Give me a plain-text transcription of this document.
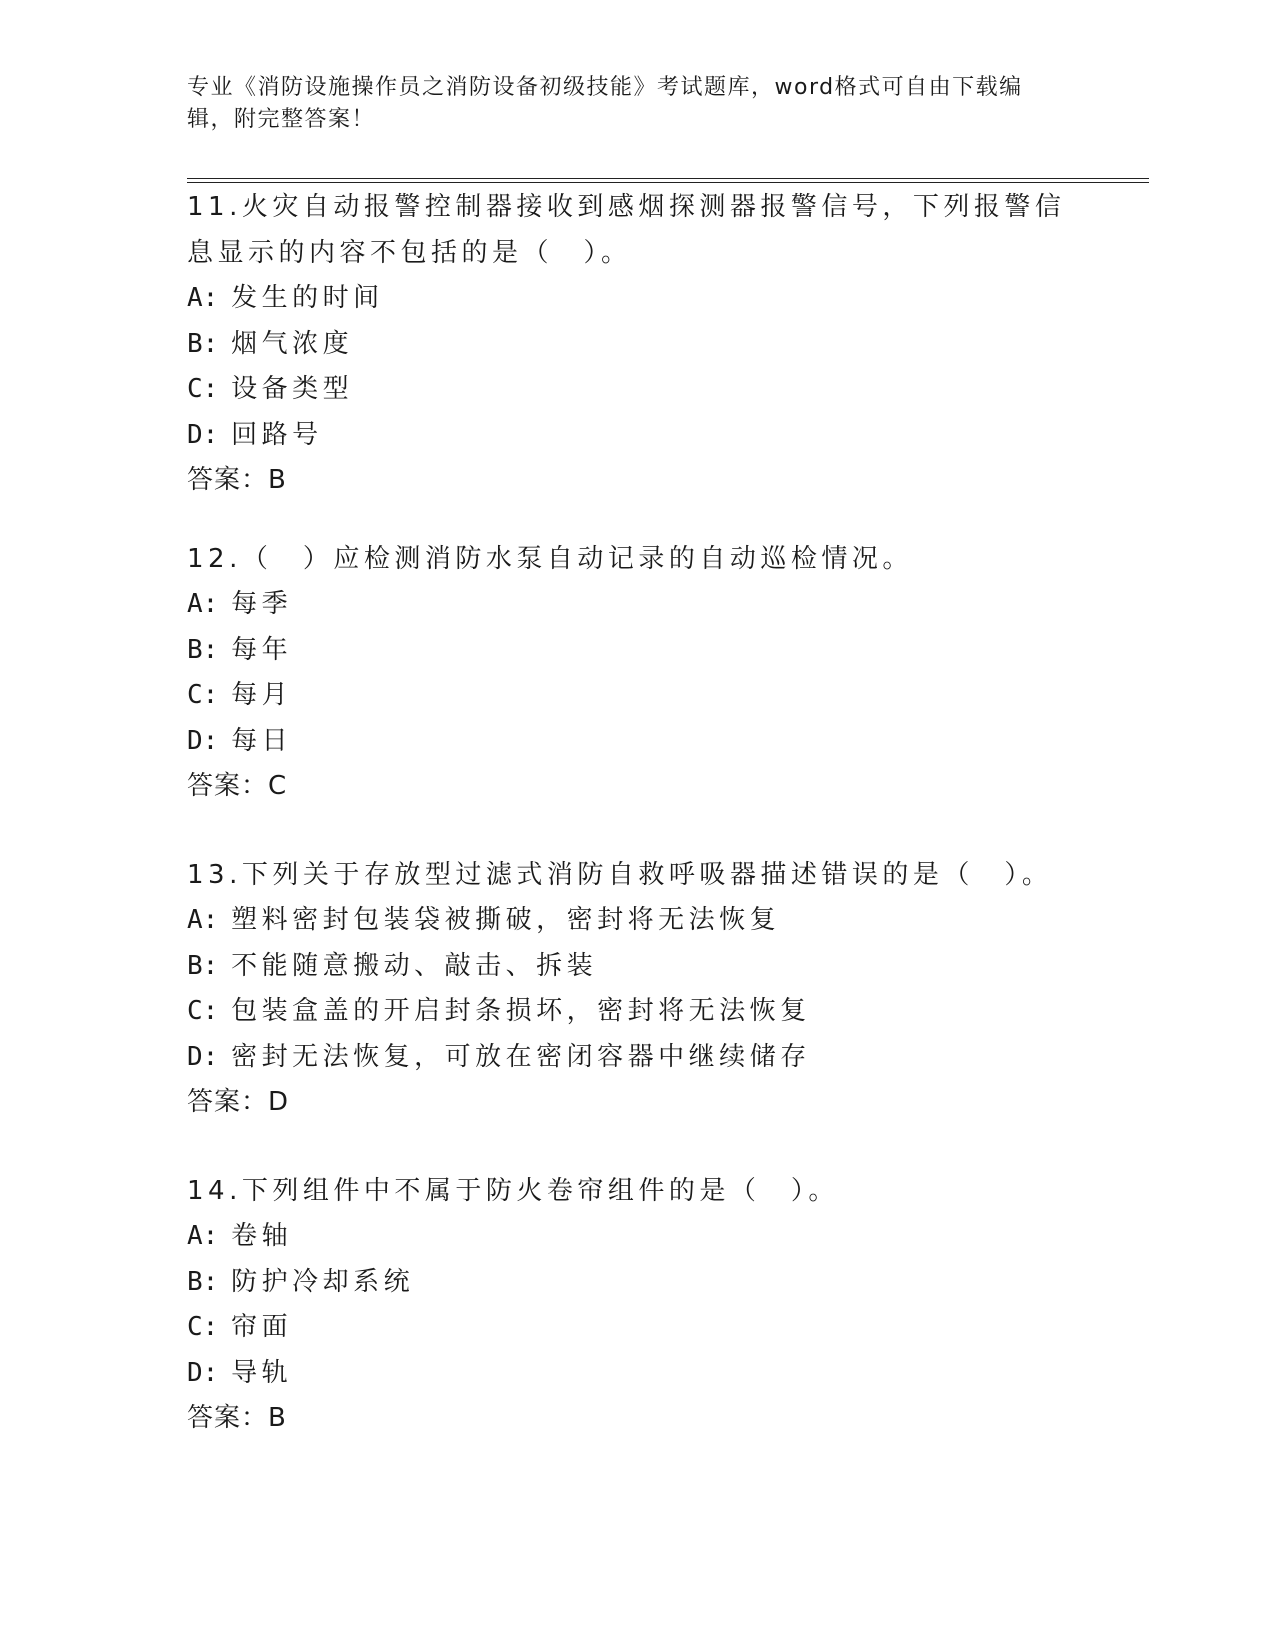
专业《消防设施操作员之消防设备初级技能》考试题库，word格式可自由下载编辑，附完整答案！

11.火灾自动报警控制器接收到感烟探测器报警信号，下列报警信息显示的内容不包括的是（　）。

A: 发生的时间

B: 烟气浓度

C: 设备类型

D: 回路号

答案：B

12.（　）应检测消防水泵自动记录的自动巡检情况。

A: 每季

B: 每年

C: 每月

D: 每日

答案：C

13.下列关于存放型过滤式消防自救呼吸器描述错误的是（　）。

A: 塑料密封包装袋被撕破，密封将无法恢复

B: 不能随意搬动、敲击、拆装

C: 包装盒盖的开启封条损坏，密封将无法恢复

D: 密封无法恢复，可放在密闭容器中继续储存

答案：D

14.下列组件中不属于防火卷帘组件的是（　）。

A: 卷轴

B: 防护冷却系统

C: 帘面

D: 导轨

答案：B
